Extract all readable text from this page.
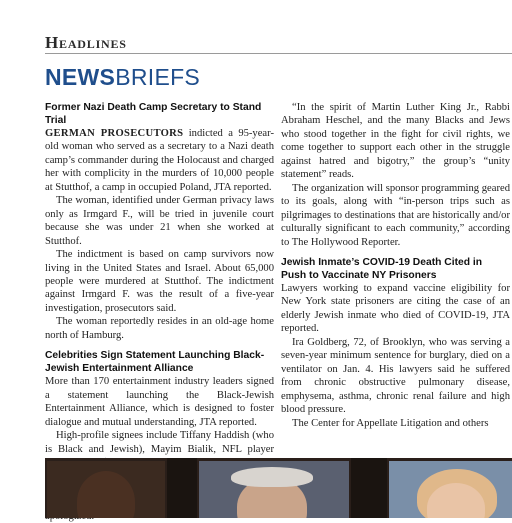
Headlines
NEWSBRIEFS
Former Nazi Death Camp Secretary to Stand Trial

GERMAN PROSECUTORS indicted a 95-year-old woman who served as a secretary to a Nazi death camp’s commander during the Holocaust and charged her with complicity in the murders of 10,000 people at Stutthof, a camp in occupied Poland, JTA reported.

The woman, identified under German privacy laws only as Irmgard F., will be tried in juvenile court because she was under 21 when she worked at Stutthof.

The indictment is based on camp survivors now living in the United States and Israel. About 65,000 people were murdered at Stutthof. The indictment against Irmgard F. was the result of a five-year investigation, prosecutors said.

The woman reportedly resides in an old-age home north of Hamburg.

Celebrities Sign Statement Launching Black-Jewish Entertainment Alliance

More than 170 entertainment industry leaders signed a statement launching the Black-Jewish Entertainment Alliance, which is designed to foster dialogue and mutual understanding, JTA reported.

High-profile signees include Tiffany Haddish (who is Black and Jewish), Mayim Bialik, NFL player

“In the spirit of Martin Luther King Jr., Rabbi Abraham Heschel, and the many Blacks and Jews who stood together in the fight for civil rights, we come together to support each other in the struggle against hatred and bigotry,” the group’s “unity statement” reads.

The organization will sponsor programming geared to its goals, along with “in-person trips such as pilgrimages to destinations that are historically and/or culturally significant to each community,” according to The Hollywood Reporter.

Jewish Inmate’s COVID-19 Death Cited in Push to Vaccinate NY Prisoners

Lawyers working to expand vaccine eligibility for New York state prisoners are citing the case of an elderly Jewish inmate who died of COVID-19, JTA reported.

Ira Goldberg, 72, of Brooklyn, who was serving a seven-year minimum sentence for burglary, died on a ventilator on Jan. 4. His lawyers said he suffered from chronic obstructive pulmonary disease, emphysema, asthma, chronic renal failure and high blood pressure.

The Center for Appellate Litigation and others
